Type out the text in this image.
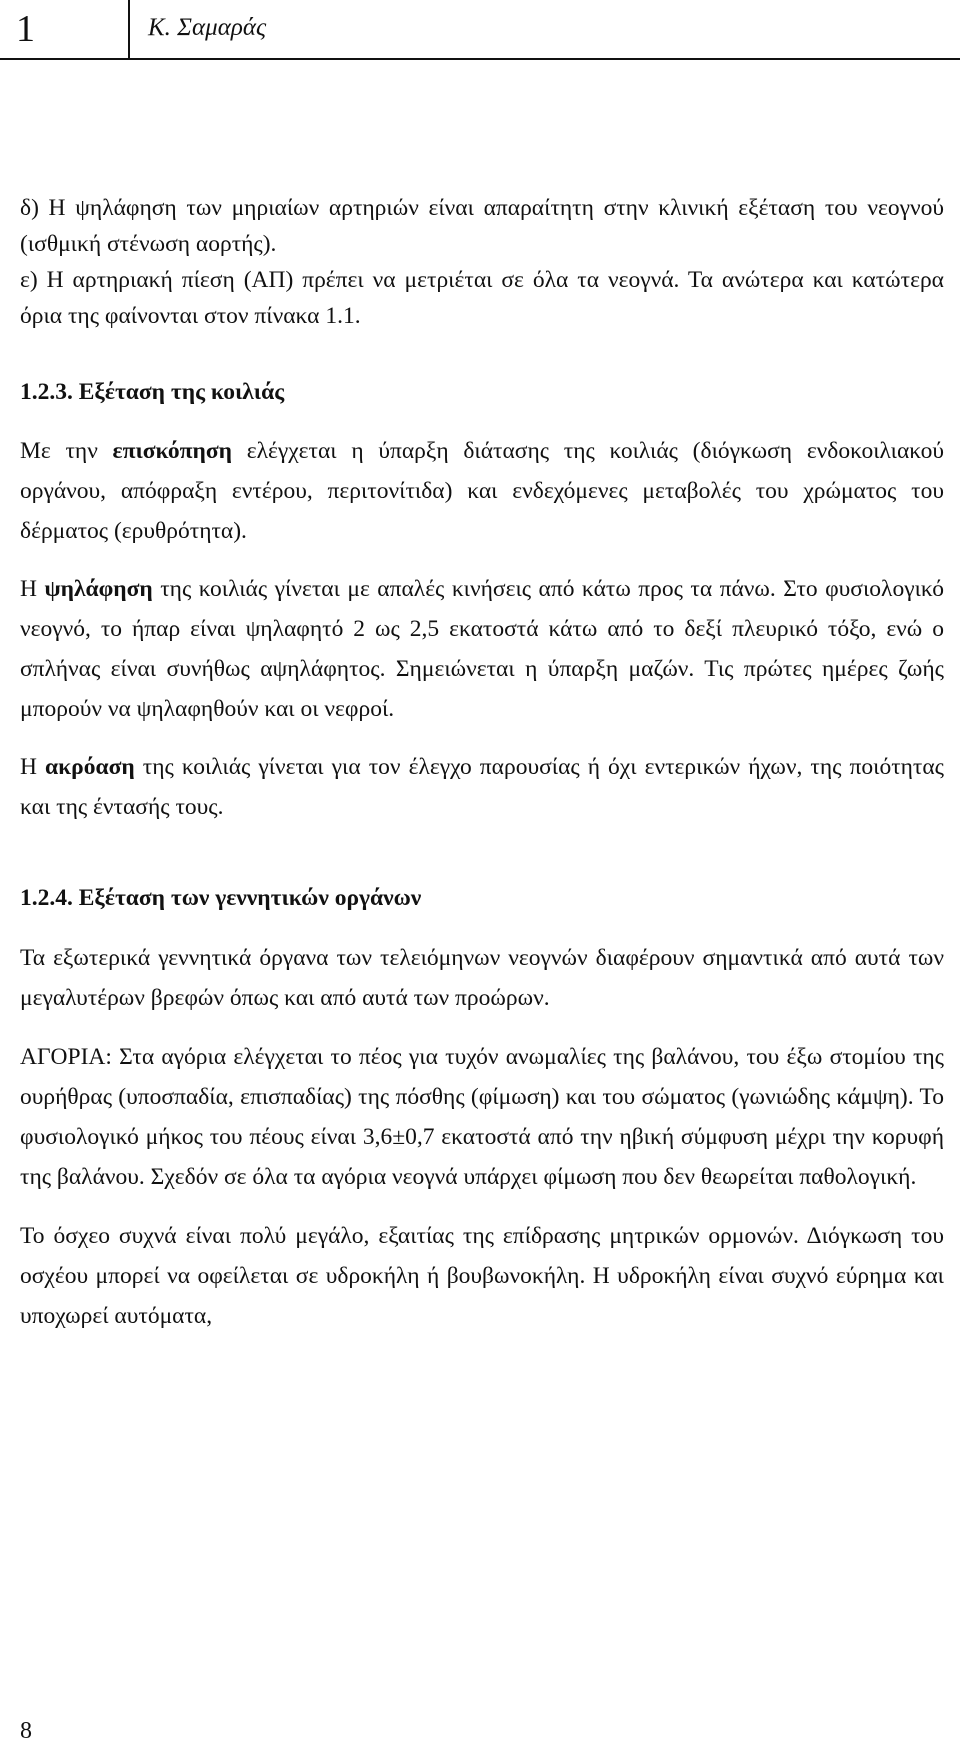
1	Κ. Σαμαράς

δ) Η ψηλάφηση των μηριαίων αρτηριών είναι απαραίτητη στην κλινική εξέταση του νεογνού (ισθμική στένωση αορτής).

ε) Η αρτηριακή πίεση (ΑΠ) πρέπει να μετριέται σε όλα τα νεογνά. Τα ανώτερα και κατώτερα όρια της φαίνονται στον πίνακα 1.1.

1.2.3. Εξέταση της κοιλιάς

Με την επισκόπηση ελέγχεται η ύπαρξη διάτασης της κοιλιάς (διόγκωση ενδοκοιλιακού οργάνου, απόφραξη εντέρου, περιτονίτιδα) και ενδεχόμενες μεταβολές του χρώματος του δέρματος (ερυθρότητα).

Η ψηλάφηση της κοιλιάς γίνεται με απαλές κινήσεις από κάτω προς τα πάνω. Στο φυσιολογικό νεογνό, το ήπαρ είναι ψηλαφητό 2 ως 2,5 εκατοστά κάτω από το δεξί πλευρικό τόξο, ενώ ο σπλήνας είναι συνήθως αψηλάφητος. Σημειώνεται η ύπαρξη μαζών. Τις πρώτες ημέρες ζωής μπορούν να ψηλαφηθούν και οι νεφροί.

Η ακρόαση της κοιλιάς γίνεται για τον έλεγχο παρουσίας ή όχι εντερικών ήχων, της ποιότητας και της έντασής τους.

1.2.4. Εξέταση των γεννητικών οργάνων

Τα εξωτερικά γεννητικά όργανα των τελειόμηνων νεογνών διαφέρουν σημαντικά από αυτά των μεγαλυτέρων βρεφών όπως και από αυτά των προώρων.

ΑΓΟΡΙΑ: Στα αγόρια ελέγχεται το πέος για τυχόν ανωμαλίες της βαλάνου, του έξω στομίου της ουρήθρας (υποσπαδία, επισπαδίας) της πόσθης (φίμωση) και του σώματος (γωνιώδης κάμψη). Το φυσιολογικό μήκος του πέους είναι 3,6±0,7 εκατοστά από την ηβική σύμφυση μέχρι την κορυφή της βαλάνου. Σχεδόν σε όλα τα αγόρια νεογνά υπάρχει φίμωση που δεν θεωρείται παθολογική.

Το όσχεο συχνά είναι πολύ μεγάλο, εξαιτίας της επίδρασης μητρικών ορμονών. Διόγκωση του οσχέου μπορεί να οφείλεται σε υδροκήλη ή βουβωνοκήλη. Η υδροκήλη είναι συχνό εύρημα και υποχωρεί αυτόματα,

8
